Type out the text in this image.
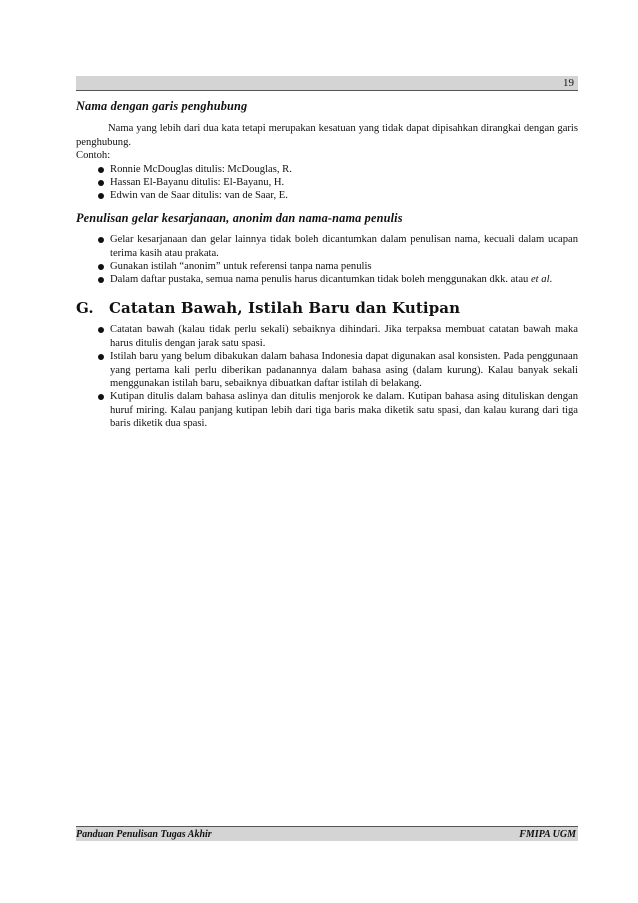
19
Nama dengan garis penghubung

Nama yang lebih dari dua kata tetapi merupakan kesatuan yang tidak dapat dipisahkan dirangkai dengan garis penghubung.

Contoh:

Ronnie McDouglas ditulis: McDouglas, R.
Hassan El-Bayanu ditulis: El-Bayanu, H.
Edwin van de Saar ditulis: van de Saar, E.
Penulisan gelar kesarjanaan, anonim dan nama-nama penulis
Gelar kesarjanaan dan gelar lainnya tidak boleh dicantumkan dalam penulisan nama, kecuali dalam ucapan terima kasih atau prakata.
Gunakan istilah “anonim” untuk referensi tanpa nama penulis
Dalam daftar pustaka, semua nama penulis harus dicantumkan tidak boleh menggunakan dkk. atau et al.
G.	Catatan Bawah, Istilah Baru dan Kutipan
Catatan bawah (kalau tidak perlu sekali) sebaiknya dihindari. Jika terpaksa membuat catatan bawah maka harus ditulis dengan jarak satu spasi.
Istilah baru yang belum dibakukan dalam bahasa Indonesia dapat digunakan asal konsisten. Pada penggunaan yang pertama kali perlu diberikan padanannya dalam bahasa asing (dalam kurung). Kalau banyak sekali menggunakan istilah baru, sebaiknya dibuatkan daftar istilah di belakang.
Kutipan ditulis dalam bahasa aslinya dan ditulis menjorok ke dalam. Kutipan bahasa asing dituliskan dengan huruf miring. Kalau panjang kutipan lebih dari tiga baris maka diketik satu spasi, dan kalau kurang dari tiga baris diketik dua spasi.
Panduan Penulisan Tugas Akhir	FMIPA UGM
